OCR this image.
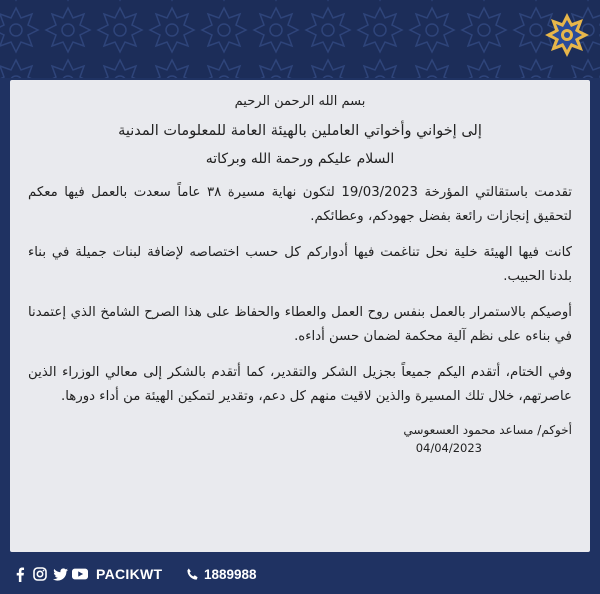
بسم الله الرحمن الرحيم

إلى إخواني وأخواتي العاملين بالهيئة العامة للمعلومات المدنية

السلام عليكم ورحمة الله وبركاته

تقدمت باستقالتي المؤرخة 19/03/2023 لتكون نهاية مسيرة ٣٨ عاماً سعدت بالعمل فيها معكم لتحقيق إنجازات رائعة بفضل جهودكم، وعطائكم.

كانت فيها الهيئة خلية نحل تناغمت فيها أدواركم كل حسب اختصاصه لإضافة لبنات جميلة في بناء بلدنا الحبيب.

أوصيكم بالاستمرار بالعمل بنفس روح العمل والعطاء والحفاظ على هذا الصرح الشامخ الذي إعتمدنا في بناءه على نظم آلية محكمة لضمان حسن أداءه.

وفي الختام، أتقدم اليكم جميعاً بجزيل الشكر والتقدير، كما أتقدم بالشكر إلى معالي الوزراء الذين عاصرتهم، خلال تلك المسيرة والذين لاقيت منهم كل دعم، وتقدير لتمكين الهيئة من أداء دورها.

أخوكم/ مساعد محمود العسعوسي
04/04/2023
PACIKWT	1889988
